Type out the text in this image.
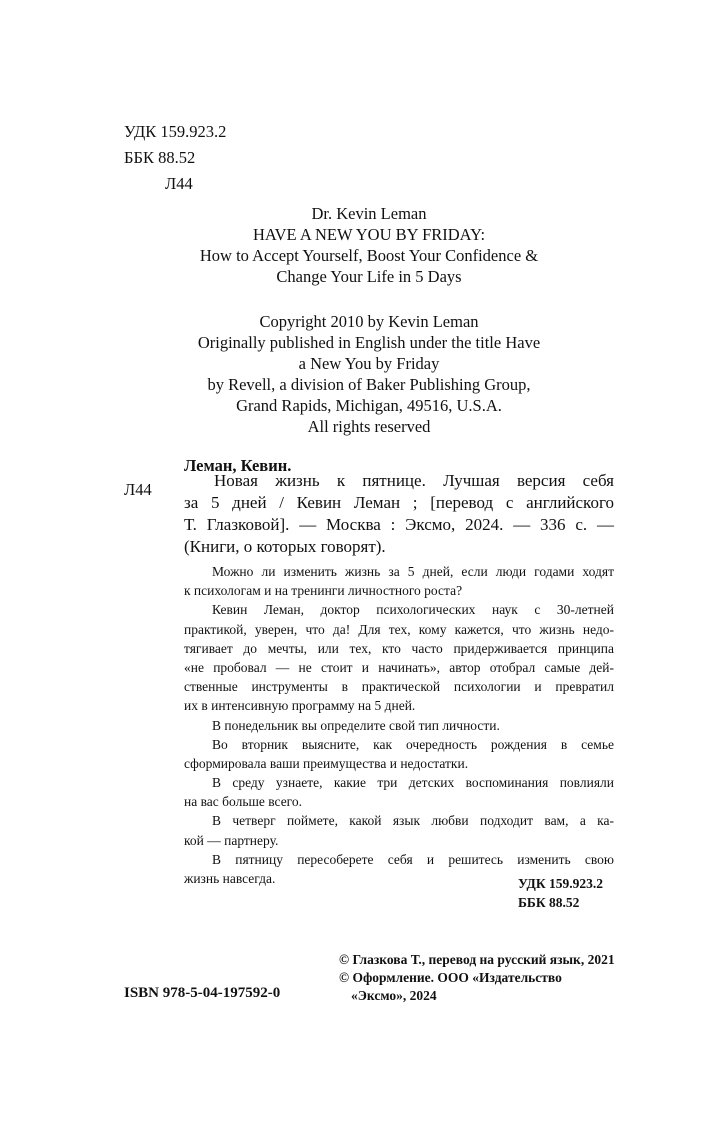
УДК 159.923.2
ББК 88.52
Л44
Dr. Kevin Leman
HAVE A NEW YOU BY FRIDAY:
How to Accept Yourself, Boost Your Confidence &
Change Your Life in 5 Days
Copyright 2010 by Kevin Leman
Originally published in English under the title Have
a New You by Friday
by Revell, a division of Baker Publishing Group,
Grand Rapids, Michigan, 49516, U.S.A.
All rights reserved
Леман, Кевин.
Л44	Новая жизнь к пятнице. Лучшая версия себя
за 5 дней / Кевин Леман ; [перевод с английского
Т. Глазковой]. — Москва : Эксмо, 2024. — 336 с. —
(Книги, о которых говорят).
Можно ли изменить жизнь за 5 дней, если люди годами ходят
к психологам и на тренинги личностного роста?
Кевин Леман, доктор психологических наук с 30-летней
практикой, уверен, что да! Для тех, кому кажется, что жизнь недо-
тягивает до мечты, или тех, кто часто придерживается принципа
«не пробовал — не стоит и начинать», автор отобрал самые дей-
ственные инструменты в практической психологии и превратил
их в интенсивную программу на 5 дней.
В понедельник вы определите свой тип личности.
Во вторник выясните, как очередность рождения в семье
сформировала ваши преимущества и недостатки.
В среду узнаете, какие три детских воспоминания повлияли
на вас больше всего.
В четверг поймете, какой язык любви подходит вам, а ка-
кой — партнеру.
В пятницу пересоберете себя и решитесь изменить свою
жизнь навсегда.	УДК 159.923.2
ББК 88.52
ISBN 978-5-04-197592-0
© Глазкова Т., перевод на русский язык, 2021
© Оформление. ООО «Издательство
«Эксмо», 2024
